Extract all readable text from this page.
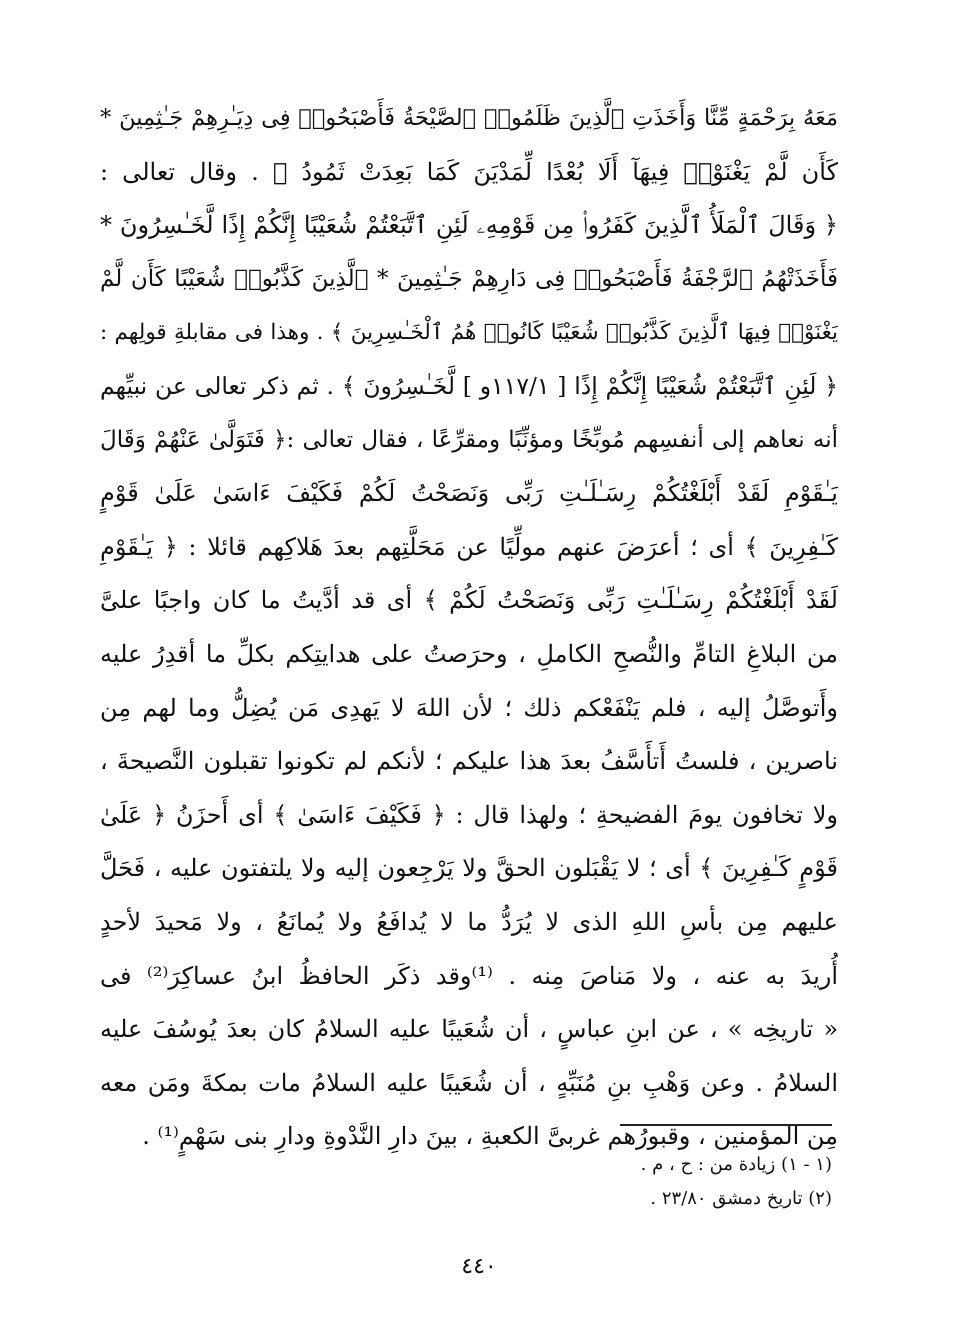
مَعَهُ بِرَحْمَةٍ مِّنَّا وَأَخَذَتِ ٱلَّذِينَ ظَلَمُوا۟ ٱلصَّيْحَةُ فَأَصْبَحُوا۟ فِى دِيَـٰرِهِمْ جَـٰثِمِينَ *
كَأَن لَّمْ يَغْنَوْا۟ فِيهَآ أَلَا بُعْدًا لِّمَدْيَنَ كَمَا بَعِدَتْ ثَمُودُ ﴾ . وقال تعالى :
﴿ وَقَالَ ٱلْمَلَأُ ٱلَّذِينَ كَفَرُوا۟ مِن قَوْمِهِۦ لَئِنِ ٱتَّبَعْتُمْ شُعَيْبًا إِنَّكُمْ إِذًا لَّخَـٰسِرُونَ *
فَأَخَذَتْهُمُ ٱلرَّجْفَةُ فَأَصْبَحُوا۟ فِى دَارِهِمْ جَـٰثِمِينَ * ٱلَّذِينَ كَذَّبُوا۟ شُعَيْبًا كَأَن لَّمْ
يَغْنَوْا۟ فِيهَا ٱلَّذِينَ كَذَّبُوا۟ شُعَيْبًا كَانُوا۟ هُمُ ٱلْخَـٰسِرِينَ ﴾ . وهذا فى مقابلةِ قولِهم :
﴿ لَئِنِ ٱتَّبَعْتُمْ شُعَيْبًا إِنَّكُمْ إِذًا [ ١١٧/١و ] لَّخَـٰسِرُونَ ﴾ . ثم ذكر تعالى عن نبيِّهم
أنه نعاهم إلى أنفسِهم مُوبِّخًا ومؤنِّبًا ومقرِّعًا ، فقال تعالى :﴿ فَتَوَلَّىٰ عَنْهُمْ وَقَالَ
يَـٰقَوْمِ لَقَدْ أَبْلَغْتُكُمْ رِسَـٰلَـٰتِ رَبِّى وَنَصَحْتُ لَكُمْ فَكَيْفَ ءَاسَىٰ عَلَىٰ قَوْمٍ
كَـٰفِرِينَ ﴾ أى ؛ أعرَضَ عنهم مولِّيًا عن مَحَلَّتِهم بعدَ هَلاكِهم قائلا : ﴿ يَـٰقَوْمِ
لَقَدْ أَبْلَغْتُكُمْ رِسَـٰلَـٰتِ رَبِّى وَنَصَحْتُ لَكُمْ ﴾ أى قد أدَّيتُ ما كان واجبًا علىَّ
من البلاغِ التامِّ والنُّصحِ الكاملِ ، وحرَصتُ على هدايتِكم بكلِّ ما أقدِرُ عليه
وأَتوصَّلُ إليه ، فلم يَنْفَعْكم ذلك ؛ لأن اللهَ لا يَهدِى مَن يُضِلُّ وما لهم مِن
ناصرين ، فلستُ أَتأَسَّفُ بعدَ هذا عليكم ؛ لأنكم لم تكونوا تقبلون النَّصيحةَ ،
ولا تخافون يومَ الفضيحةِ ؛ ولهذا قال : ﴿ فَكَيْفَ ءَاسَىٰ ﴾ أى أَحزَنُ ﴿ عَلَىٰ
قَوْمٍ كَـٰفِرِينَ ﴾ أى ؛ لا يَقْبَلون الحقَّ ولا يَرْجِعون إليه ولا يلتفتون عليه ، فَحَلَّ
عليهم مِن بأسِ اللهِ الذى لا يُرَدُّ ما لا يُدافَعُ ولا يُمانَعُ ، ولا مَحيدَ لأحدٍ
أُريدَ به عنه ، ولا مَناصَ مِنه . ⁽¹⁾وقد ذكَر الحافظُ ابنُ عساكِرَ⁽²⁾ فى
« تاريخِه » ، عن ابنِ عباسٍ ، أن شُعَيبًا عليه السلامُ كان بعدَ يُوسُفَ عليه
السلامُ . وعن وَهْبِ بنِ مُنَبِّهٍ ، أن شُعَيبًا عليه السلامُ مات بمكةَ ومَن معه
مِن المؤمنين ، وقبورُهم غربىَّ الكعبةِ ، بينَ دارِ النَّدْوةِ ودارِ بنى سَهْمٍ⁽¹⁾ .
(١ - ١) زيادة من : ح ، م .
(٢) تاريخ دمشق ٢٣/٨٠ .
٤٤٠
